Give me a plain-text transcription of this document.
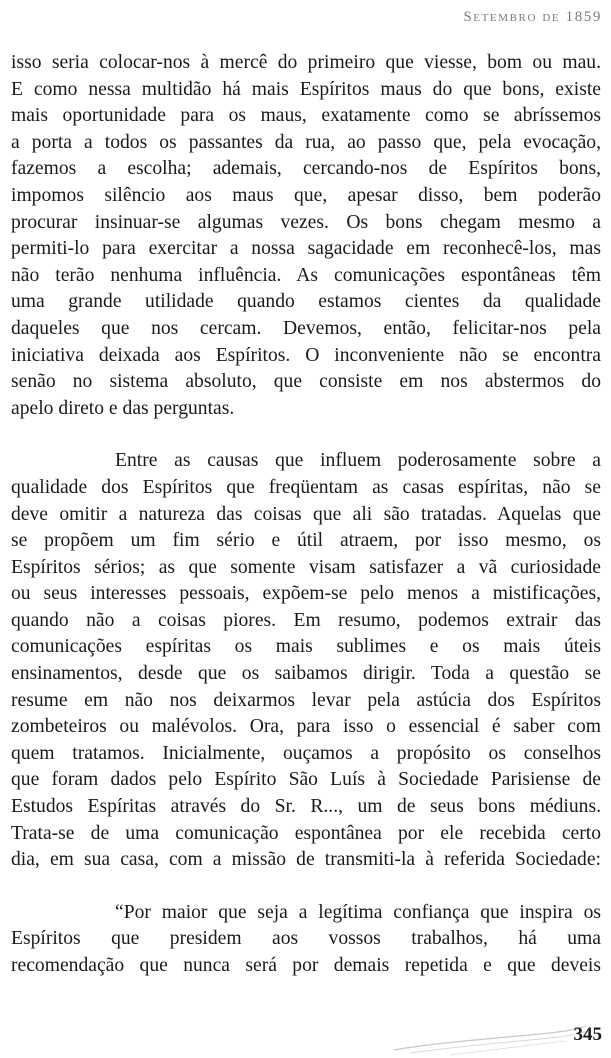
Setembro de 1859
isso seria colocar-nos à mercê do primeiro que viesse, bom ou mau.
E como nessa multidão há mais Espíritos maus do que bons, existe
mais oportunidade para os maus, exatamente como se abríssemos
a porta a todos os passantes da rua, ao passo que, pela evocação,
fazemos a escolha; ademais, cercando-nos de Espíritos bons,
impomos silêncio aos maus que, apesar disso, bem poderão
procurar insinuar-se algumas vezes. Os bons chegam mesmo a
permiti-lo para exercitar a nossa sagacidade em reconhecê-los, mas
não terão nenhuma influência. As comunicações espontâneas têm
uma grande utilidade quando estamos cientes da qualidade
daqueles que nos cercam. Devemos, então, felicitar-nos pela
iniciativa deixada aos Espíritos. O inconveniente não se encontra
senão no sistema absoluto, que consiste em nos abstermos do
apelo direto e das perguntas.
Entre as causas que influem poderosamente sobre a
qualidade dos Espíritos que freqüentam as casas espíritas, não se
deve omitir a natureza das coisas que ali são tratadas. Aquelas que
se propõem um fim sério e útil atraem, por isso mesmo, os
Espíritos sérios; as que somente visam satisfazer a vã curiosidade
ou seus interesses pessoais, expõem-se pelo menos a mistificações,
quando não a coisas piores. Em resumo, podemos extrair das
comunicações espíritas os mais sublimes e os mais úteis
ensinamentos, desde que os saibamos dirigir. Toda a questão se
resume em não nos deixarmos levar pela astúcia dos Espíritos
zombeteiros ou malévolos. Ora, para isso o essencial é saber com
quem tratamos. Inicialmente, ouçamos a propósito os conselhos
que foram dados pelo Espírito São Luís à Sociedade Parisiense de
Estudos Espíritas através do Sr. R..., um de seus bons médiuns.
Trata-se de uma comunicação espontânea por ele recebida certo
dia, em sua casa, com a missão de transmiti-la à referida Sociedade:
“Por maior que seja a legítima confiança que inspira os
Espíritos que presidem aos vossos trabalhos, há uma
recomendação que nunca será por demais repetida e que deveis
345
